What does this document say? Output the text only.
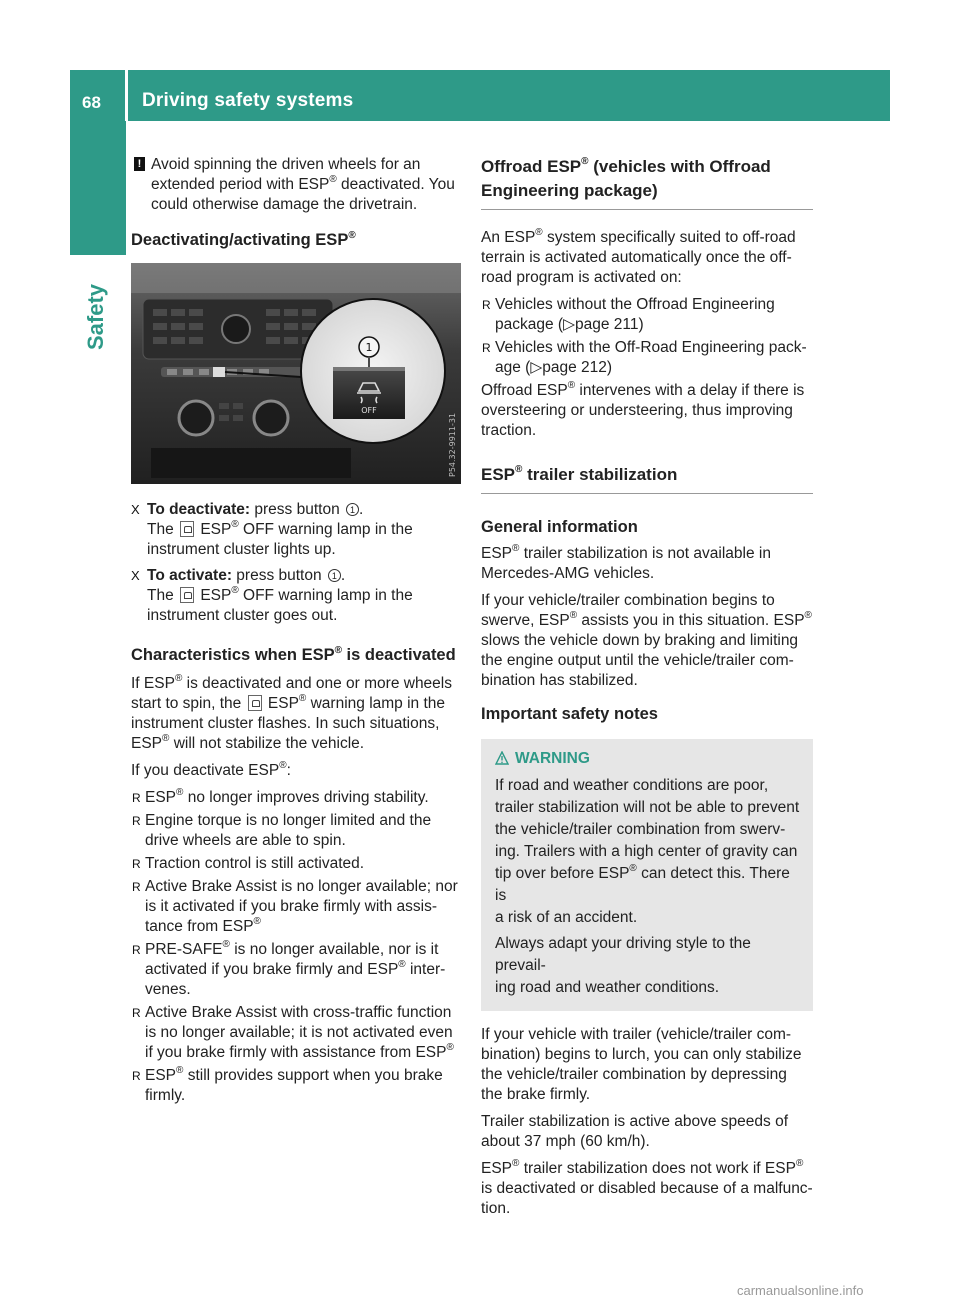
68 Driving safety systems
Safety
! Avoid spinning the driven wheels for an
extended period with ESP® deactivated. You
could otherwise damage the drivetrain.
Deactivating/activating ESP®
OFF
1
P54.32-9911-31
X To deactivate: press button 1 .
The  ESP® OFF warning lamp in the
instrument cluster lights up.
X To activate: press button 1 .
The  ESP® OFF warning lamp in the
instrument cluster goes out.
Characteristics when ESP® is deactivated
If ESP® is deactivated and one or more wheels
start to spin, the  ESP® warning lamp in the
instrument cluster flashes. In such situations,
ESP® will not stabilize the vehicle.
If you deactivate ESP®:
R ESP® no longer improves driving stability.
R Engine torque is no longer limited and the
drive wheels are able to spin.
R Traction control is still activated.
R Active Brake Assist is no longer available; nor
is it activated if you brake firmly with assis-
tance from ESP®
R PRE-SAFE® is no longer available, nor is it
activated if you brake firmly and ESP® inter-
venes.
R Active Brake Assist with cross-traffic function
is no longer available; it is not activated even
if you brake firmly with assistance from ESP®
R ESP® still provides support when you brake
firmly.
Offroad ESP® (vehicles with Offroad
Engineering package)
An ESP® system specifically suited to off-road
terrain is activated automatically once the off-
road program is activated on:
R Vehicles without the Offroad Engineering
package (▷page 211)
R Vehicles with the Off-Road Engineering pack-
age (▷page 212)
Offroad ESP® intervenes with a delay if there is
oversteering or understeering, thus improving
traction.
ESP® trailer stabilization
General information
ESP® trailer stabilization is not available in
Mercedes-AMG vehicles.
If your vehicle/trailer combination begins to
swerve, ESP® assists you in this situation. ESP®
slows the vehicle down by braking and limiting
the engine output until the vehicle/trailer com-
bination has stabilized.
Important safety notes
WARNING

If road and weather conditions are poor,
trailer stabilization will not be able to prevent
the vehicle/trailer combination from swerv-
ing. Trailers with a high center of gravity can
tip over before ESP® can detect this. There is
a risk of an accident.

Always adapt your driving style to the prevail-
ing road and weather conditions.

If your vehicle with trailer (vehicle/trailer com-
bination) begins to lurch, you can only stabilize
the vehicle/trailer combination by depressing
the brake firmly.
Trailer stabilization is active above speeds of
about 37 mph (60 km/h).
ESP® trailer stabilization does not work if ESP®
is deactivated or disabled because of a malfunc-
tion.
carmanualsonline.info
